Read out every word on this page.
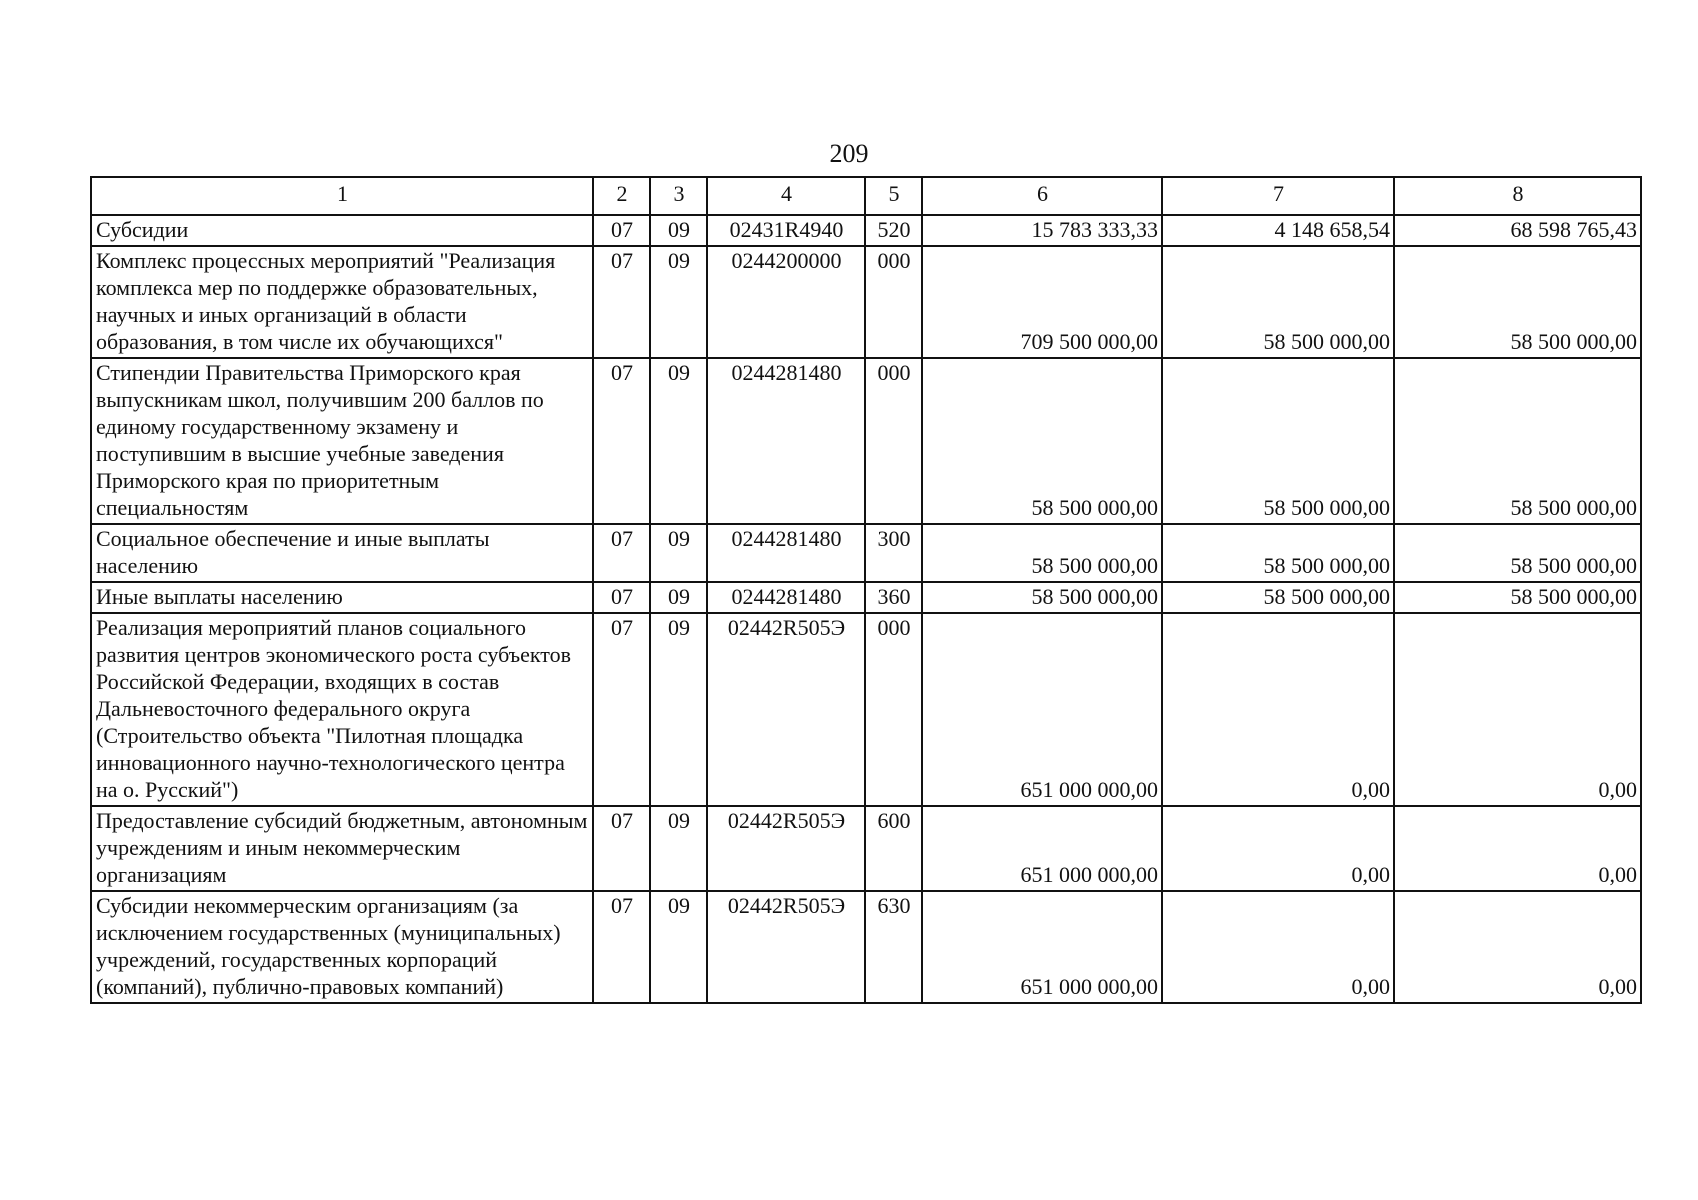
209
1	2	3	4	5	6	7	8
Субсидии	07	09	02431R4940	520	15 783 333,33	4 148 658,54	68 598 765,43
Комплекс процессных мероприятий "Реализация комплекса мер по поддержке образовательных, научных и иных организаций в области образования, в том числе их обучающихся"	07	09	0244200000	000	709 500 000,00	58 500 000,00	58 500 000,00
Стипендии Правительства Приморского края выпускникам школ, получившим 200 баллов по единому государственному экзамену и поступившим в высшие учебные заведения Приморского края по приоритетным специальностям	07	09	0244281480	000	58 500 000,00	58 500 000,00	58 500 000,00
Социальное обеспечение и иные выплаты населению	07	09	0244281480	300	58 500 000,00	58 500 000,00	58 500 000,00
Иные выплаты населению	07	09	0244281480	360	58 500 000,00	58 500 000,00	58 500 000,00
Реализация мероприятий планов социального развития центров экономического роста субъектов Российской Федерации, входящих в состав Дальневосточного федерального округа (Строительство объекта "Пилотная площадка инновационного научно-технологического центра на о. Русский")	07	09	02442R505Э	000	651 000 000,00	0,00	0,00
Предоставление субсидий бюджетным, автономным учреждениям и иным некоммерческим организациям	07	09	02442R505Э	600	651 000 000,00	0,00	0,00
Субсидии некоммерческим организациям (за исключением государственных (муниципальных) учреждений, государственных корпораций (компаний), публично-правовых компаний)	07	09	02442R505Э	630	651 000 000,00	0,00	0,00
